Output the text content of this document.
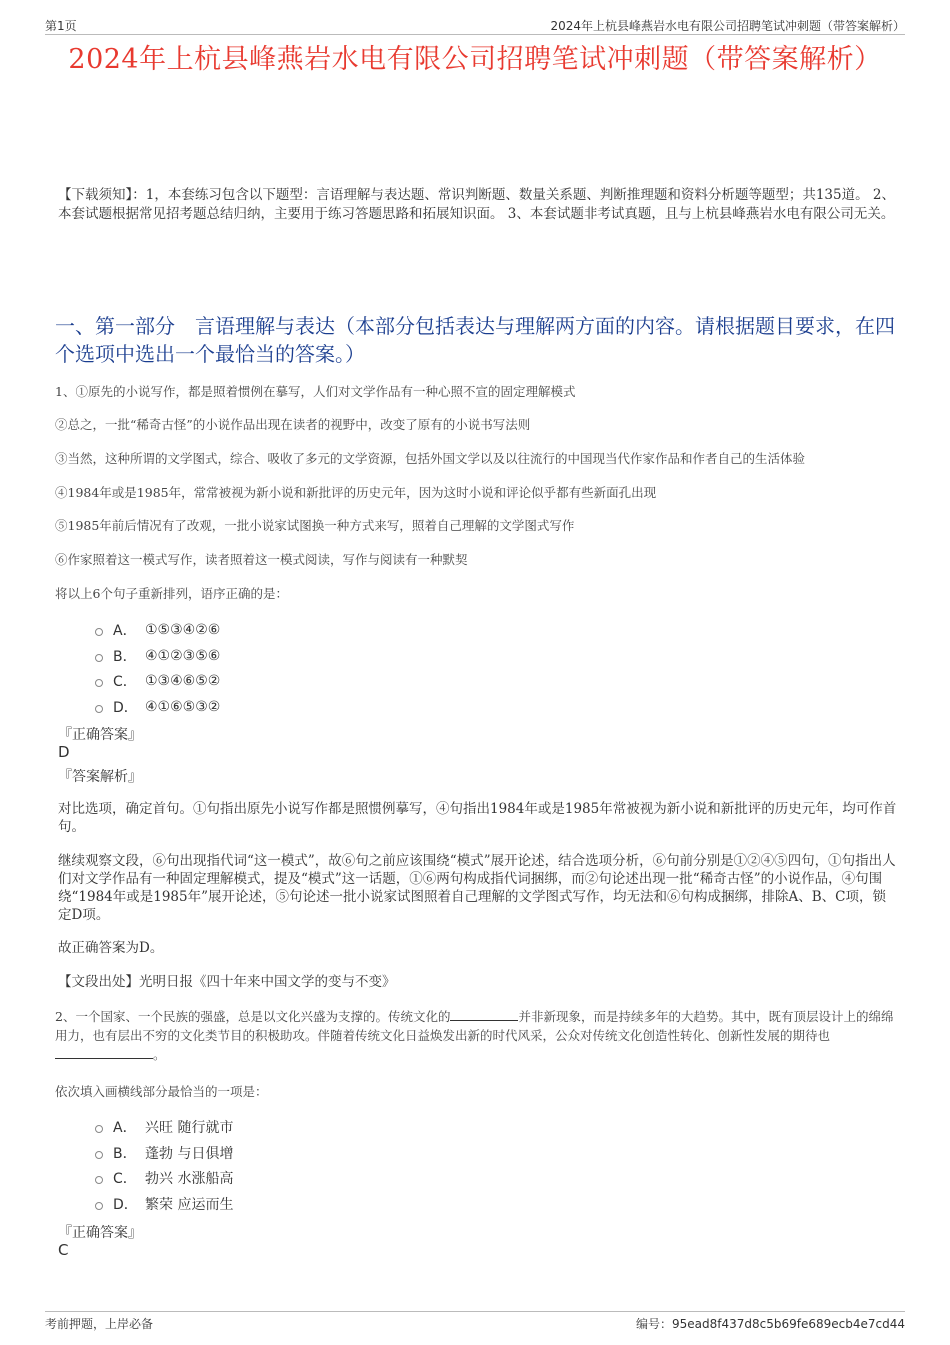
第1页	2024年上杭县峰燕岩水电有限公司招聘笔试冲刺题（带答案解析）
2024年上杭县峰燕岩水电有限公司招聘笔试冲刺题（带答案解析）
【下载须知】：1，本套练习包含以下题型：言语理解与表达题、常识判断题、数量关系题、判断推理题和资料分析题等题型；共135道。 2、本套试题根据常见招考题总结归纳，主要用于练习答题思路和拓展知识面。 3、本套试题非考试真题，且与上杭县峰燕岩水电有限公司无关。
一、第一部分　言语理解与表达（本部分包括表达与理解两方面的内容。请根据题目要求，在四个选项中选出一个最恰当的答案。）
1、①原先的小说写作，都是照着惯例在摹写，人们对文学作品有一种心照不宣的固定理解模式
②总之，一批“稀奇古怪”的小说作品出现在读者的视野中，改变了原有的小说书写法则
③当然，这种所谓的文学图式，综合、吸收了多元的文学资源，包括外国文学以及以往流行的中国现当代作家作品和作者自己的生活体验
④1984年或是1985年，常常被视为新小说和新批评的历史元年，因为这时小说和评论似乎都有些新面孔出现
⑤1985年前后情况有了改观，一批小说家试图换一种方式来写，照着自己理解的文学图式写作
⑥作家照着这一模式写作，读者照着这一模式阅读，写作与阅读有一种默契
将以上6个句子重新排列，语序正确的是：
A． ①⑤③④②⑥
B． ④①②③⑤⑥
C． ①③④⑥⑤②
D． ④①⑥⑤③②
『正确答案』
D
『答案解析』
对比选项，确定首句。①句指出原先小说写作都是照惯例摹写，④句指出1984年或是1985年常被视为新小说和新批评的历史元年，均可作首句。
继续观察文段，⑥句出现指代词“这一模式”，故⑥句之前应该围绕“模式”展开论述，结合选项分析，⑥句前分别是①②④⑤四句，①句指出人们对文学作品有一种固定理解模式，提及“模式”这一话题，①⑥两句构成指代词捆绑，而②句论述出现一批“稀奇古怪”的小说作品，④句围绕“1984年或是1985年”展开论述，⑤句论述一批小说家试图照着自己理解的文学图式写作，均无法和⑥句构成捆绑，排除A、B、C项，锁定D项。
故正确答案为D。
【文段出处】光明日报《四十年来中国文学的变与不变》
2、一个国家、一个民族的强盛，总是以文化兴盛为支撑的。传统文化的	并非新现象，而是持续多年的大趋势。其中，既有顶层设计上的绵绵用力，也有层出不穷的文化类节目的积极助攻。伴随着传统文化日益焕发出新的时代风采，公众对传统文化创造性转化、创新性发展的期待也。
依次填入画横线部分最恰当的一项是：
A． 兴旺 随行就市
B． 蓬勃 与日俱增
C． 勃兴 水涨船高
D． 繁荣 应运而生
『正确答案』
C
考前押题，上岸必备	编号：95ead8f437d8c5b69fe689ecb4e7cd44
